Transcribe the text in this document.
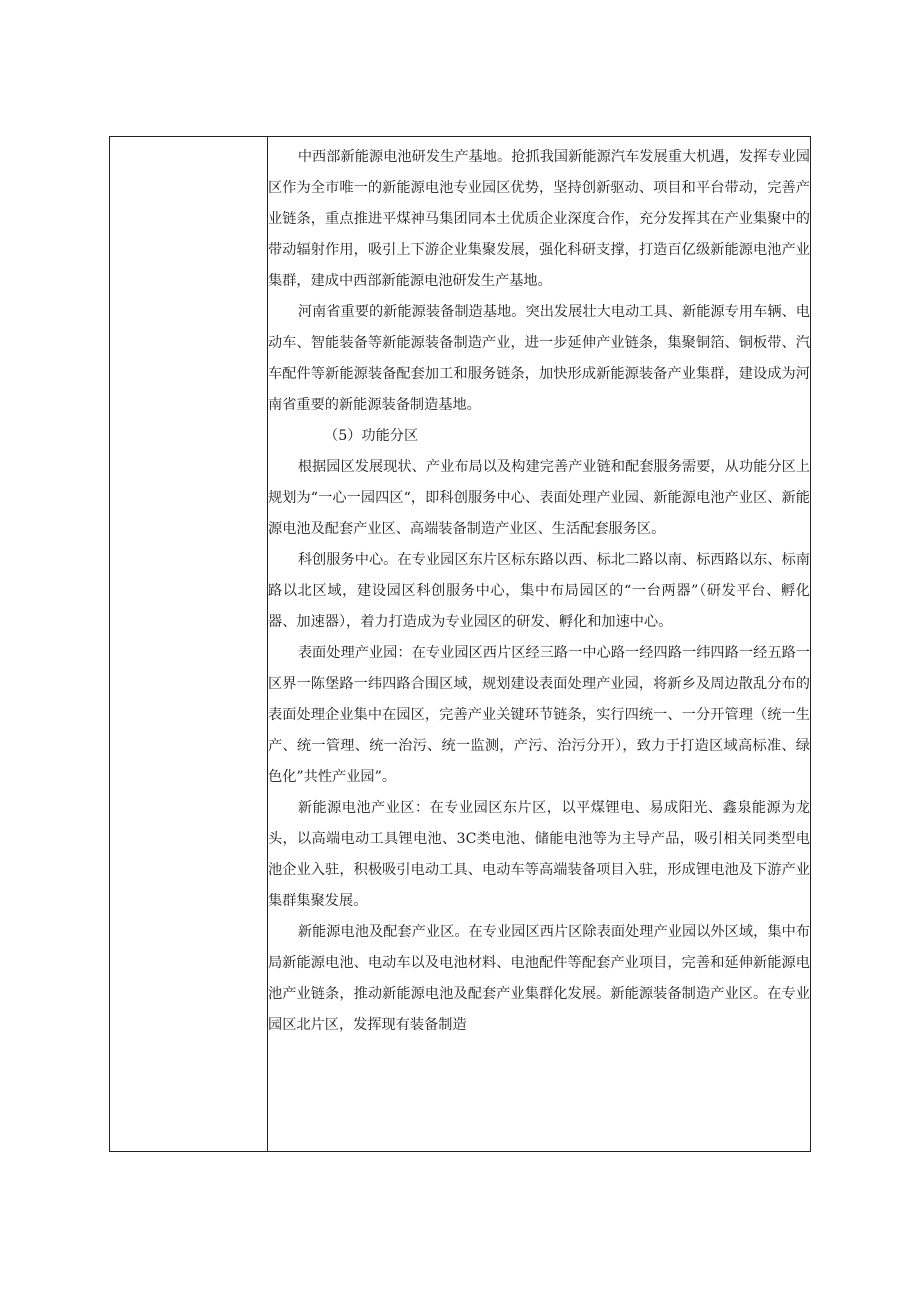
中西部新能源电池研发生产基地。抢抓我国新能源汽车发展重大机遇，发挥专业园区作为全市唯一的新能源电池专业园区优势，坚持创新驱动、项目和平台带动，完善产业链条，重点推进平煤神马集团同本土优质企业深度合作，充分发挥其在产业集聚中的带动辐射作用，吸引上下游企业集聚发展，强化科研支撑，打造百亿级新能源电池产业集群，建成中西部新能源电池研发生产基地。

河南省重要的新能源装备制造基地。突出发展壮大电动工具、新能源专用车辆、电动车、智能装备等新能源装备制造产业，进一步延伸产业链条，集聚铜箔、铜板带、汽车配件等新能源装备配套加工和服务链条，加快形成新能源装备产业集群，建设成为河南省重要的新能源装备制造基地。

（5）功能分区

根据园区发展现状、产业布局以及构建完善产业链和配套服务需要，从功能分区上规划为“一心一园四区“，即科创服务中心、表面处理产业园、新能源电池产业区、新能源电池及配套产业区、高端装备制造产业区、生活配套服务区。

科创服务中心。在专业园区东片区标东路以西、标北二路以南、标西路以东、标南路以北区域，建设园区科创服务中心，集中布局园区的“一台两器”（研发平台、孵化器、加速器），着力打造成为专业园区的研发、孵化和加速中心。

表面处理产业园：在专业园区西片区经三路一中心路一经四路一纬四路一经五路一区界一陈堡路一纬四路合围区域，规划建设表面处理产业园，将新乡及周边散乱分布的表面处理企业集中在园区，完善产业关键环节链条，实行四统一、一分开管理（统一生产、统一管理、统一治污、统一监测，产污、治污分开），致力于打造区域高标准、绿色化”共性产业园”。

新能源电池产业区：在专业园区东片区，以平煤锂电、易成阳光、鑫泉能源为龙头，以高端电动工具锂电池、3C类电池、储能电池等为主导产品，吸引相关同类型电池企业入驻，积极吸引电动工具、电动车等高端装备项目入驻，形成锂电池及下游产业集群集聚发展。

新能源电池及配套产业区。在专业园区西片区除表面处理产业园以外区域，集中布局新能源电池、电动车以及电池材料、电池配件等配套产业项目，完善和延伸新能源电池产业链条，推动新能源电池及配套产业集群化发展。新能源装备制造产业区。在专业园区北片区，发挥现有装备制造
